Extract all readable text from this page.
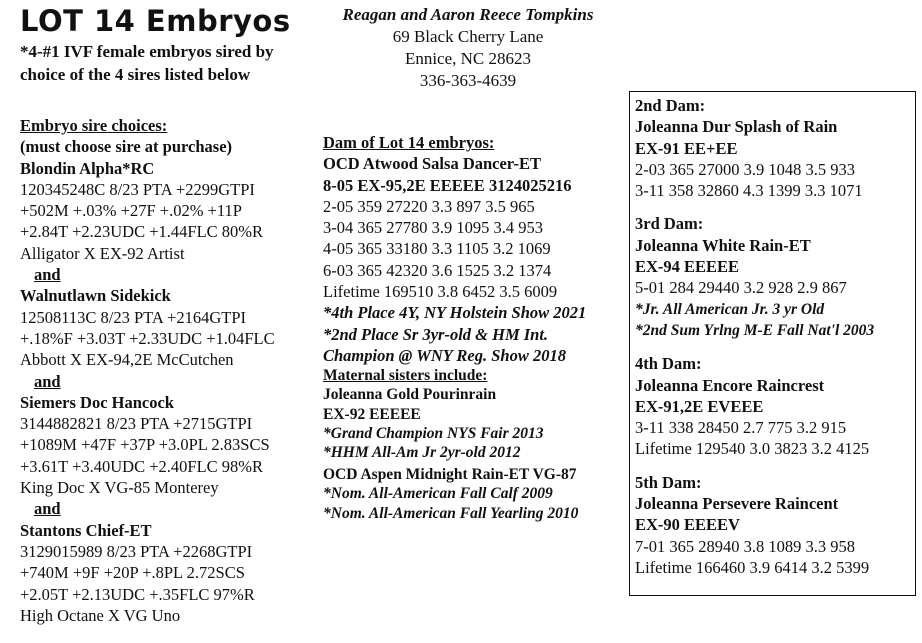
LOT 14 Embryos
*4-#1 IVF female embryos sired by choice of the 4 sires listed below
Reagan and Aaron Reece Tompkins
69 Black Cherry Lane
Ennice, NC 28623
336-363-4639
Embryo sire choices:
(must choose sire at purchase)
Blondin Alpha*RC
120345248C 8/23 PTA +2299GTPI
+502M +.03% +27F +.02% +11P
+2.84T +2.23UDC +1.44FLC 80%R
Alligator X EX-92 Artist
and
Walnutlawn Sidekick
12508113C 8/23 PTA +2164GTPI
+.18%F +3.03T +2.33UDC +1.04FLC
Abbott X EX-94,2E McCutchen
and
Siemers Doc Hancock
3144882821 8/23 PTA +2715GTPI
+1089M +47F +37P +3.0PL 2.83SCS
+3.61T +3.40UDC +2.40FLC 98%R
King Doc X VG-85 Monterey
and
Stantons Chief-ET
3129015989 8/23 PTA +2268GTPI
+740M +9F +20P +.8PL 2.72SCS
+2.05T +2.13UDC +.35FLC 97%R
High Octane X VG Uno
Dam of Lot 14 embryos:
OCD Atwood Salsa Dancer-ET
8-05 EX-95,2E EEEEE 3124025216
2-05 359 27220 3.3 897 3.5 965
3-04 365 27780 3.9 1095 3.4 953
4-05 365 33180 3.3 1105 3.2 1069
6-03 365 42320 3.6 1525 3.2 1374
Lifetime 169510 3.8 6452 3.5 6009
*4th Place 4Y, NY Holstein Show 2021
*2nd Place Sr 3yr-old & HM Int.
Champion @ WNY Reg. Show 2018
Maternal sisters include:
Joleanna Gold Pourinrain
EX-92 EEEEE
*Grand Champion NYS Fair 2013
*HHM All-Am Jr 2yr-old 2012
OCD Aspen Midnight Rain-ET VG-87
*Nom. All-American Fall Calf 2009
*Nom. All-American Fall Yearling 2010
2nd Dam:
Joleanna Dur Splash of Rain
EX-91 EE+EE
2-03 365 27000 3.9 1048 3.5 933
3-11 358 32860 4.3 1399 3.3 1071
3rd Dam:
Joleanna White Rain-ET
EX-94 EEEEE
5-01 284 29440 3.2 928 2.9 867
*Jr. All American Jr. 3 yr Old
*2nd Sum Yrlng M-E Fall Nat'l 2003
4th Dam:
Joleanna Encore Raincrest
EX-91,2E EVEEE
3-11 338 28450 2.7 775 3.2 915
Lifetime 129540 3.0 3823 3.2 4125
5th Dam:
Joleanna Persevere Raincent
EX-90 EEEEV
7-01 365 28940 3.8 1089 3.3 958
Lifetime 166460 3.9 6414 3.2 5399
